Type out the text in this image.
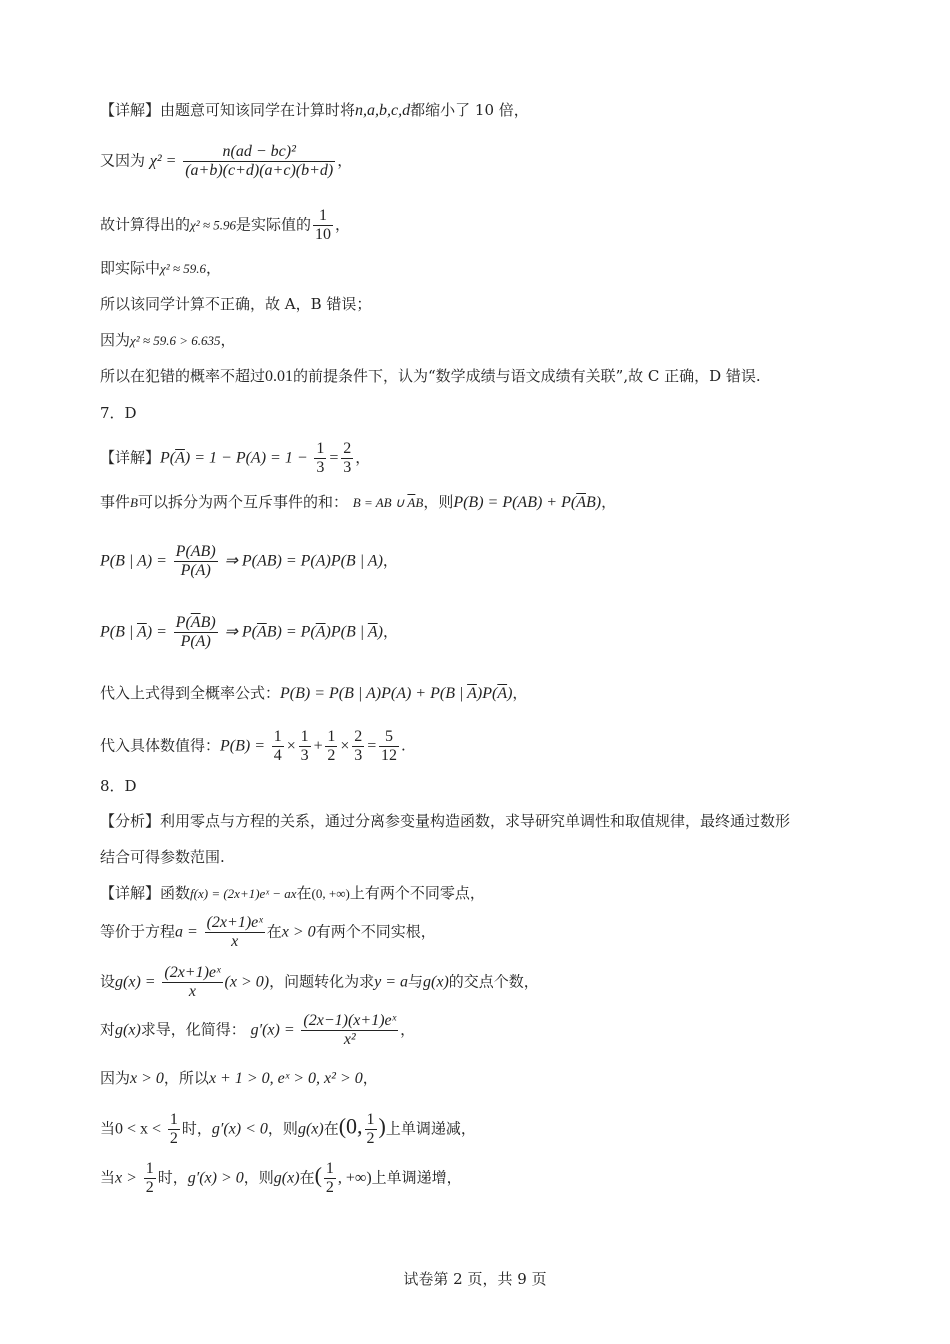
【详解】由题意可知该同学在计算时将n,a,b,c,d都缩小了 10 倍，
又因为 $\chi^2 = \frac{\text{n(ad − bc)²}}{(a+b)(c+d)(a+c)(b+d)}$ ，
故计算得出的χ² ≈ 5.96是实际值的 $\frac{1}{10}$ ，
即实际中χ² ≈ 59.6，
所以该同学计算不正确，故 A，B 错误；
因为χ² ≈ 59.6 > 6.635，
所以在犯错的概率不超过0.01的前提条件下，认为“数学成绩与语文成绩有关联”,故 C 正确，D 错误.
7．D
【详解】$P(\overline{A}) = 1 - P(A) = 1 - \frac{1}{3} = \frac{2}{3}$ ，
事件B可以拆分为两个互斥事件的和： B = AB ∪ $\overline{A}B$，则$P(B) = P(AB) + P(\overline{A}B)$，
P(B | $A) = \frac{P(AB)}{P(A)}$ ⇒ P(AB) = P(A)P(B | A)，
P(B | $\overline{A}) = \frac{P(\overline{A}B)}{P(\overline{A})}$ ⇒ $P(\overline{A}B) = P(\overline{A})P(B$ | $\overline{A}$)，
代入上式得到全概率公式：P(B) = P(B | A)P(A) + P(B | $\overline{A})P(\overline{A})$，
代入具体数值得：$P(B) = \frac{1}{4} \times \frac{1}{3} + \frac{1}{2} \times \frac{2}{3} = \frac{5}{12}$ .
8．D
【分析】利用零点与方程的关系，通过分离参变量构造函数，求导研究单调性和取值规律，最终通过数形
结合可得参数范围.
【详解】函数f(x) = (2x+1)eˣ − ax在(0, +∞)上有两个不同零点，
等价于方程$a = \frac{\text{(2x+1)eˣ}}{x}$ 在x > 0有两个不同实根，
设$g(x) = \frac{\text{(2x+1)eˣ}}{x} (x > 0)$，问题转化为求y = a与g(x)的交点个数，
对g(x)求导，化简得： $g'(x) = \frac{\text{(2x−1)(x+1)eˣ}}{\text{x²}}$ ，
因为x > 0，所以x + 1 > 0, eˣ > 0, x² > 0，
当$0 < x < \frac{1}{2}$ 时，g′(x) < 0，则g(x)在(0, $\frac{1}{2}$ )上单调递减，
当$x > \frac{1}{2}$ 时，g′(x) > 0，则g(x)在( $\frac{1}{2}$ , +∞)上单调递增，
试卷第 2 页，共 9 页
